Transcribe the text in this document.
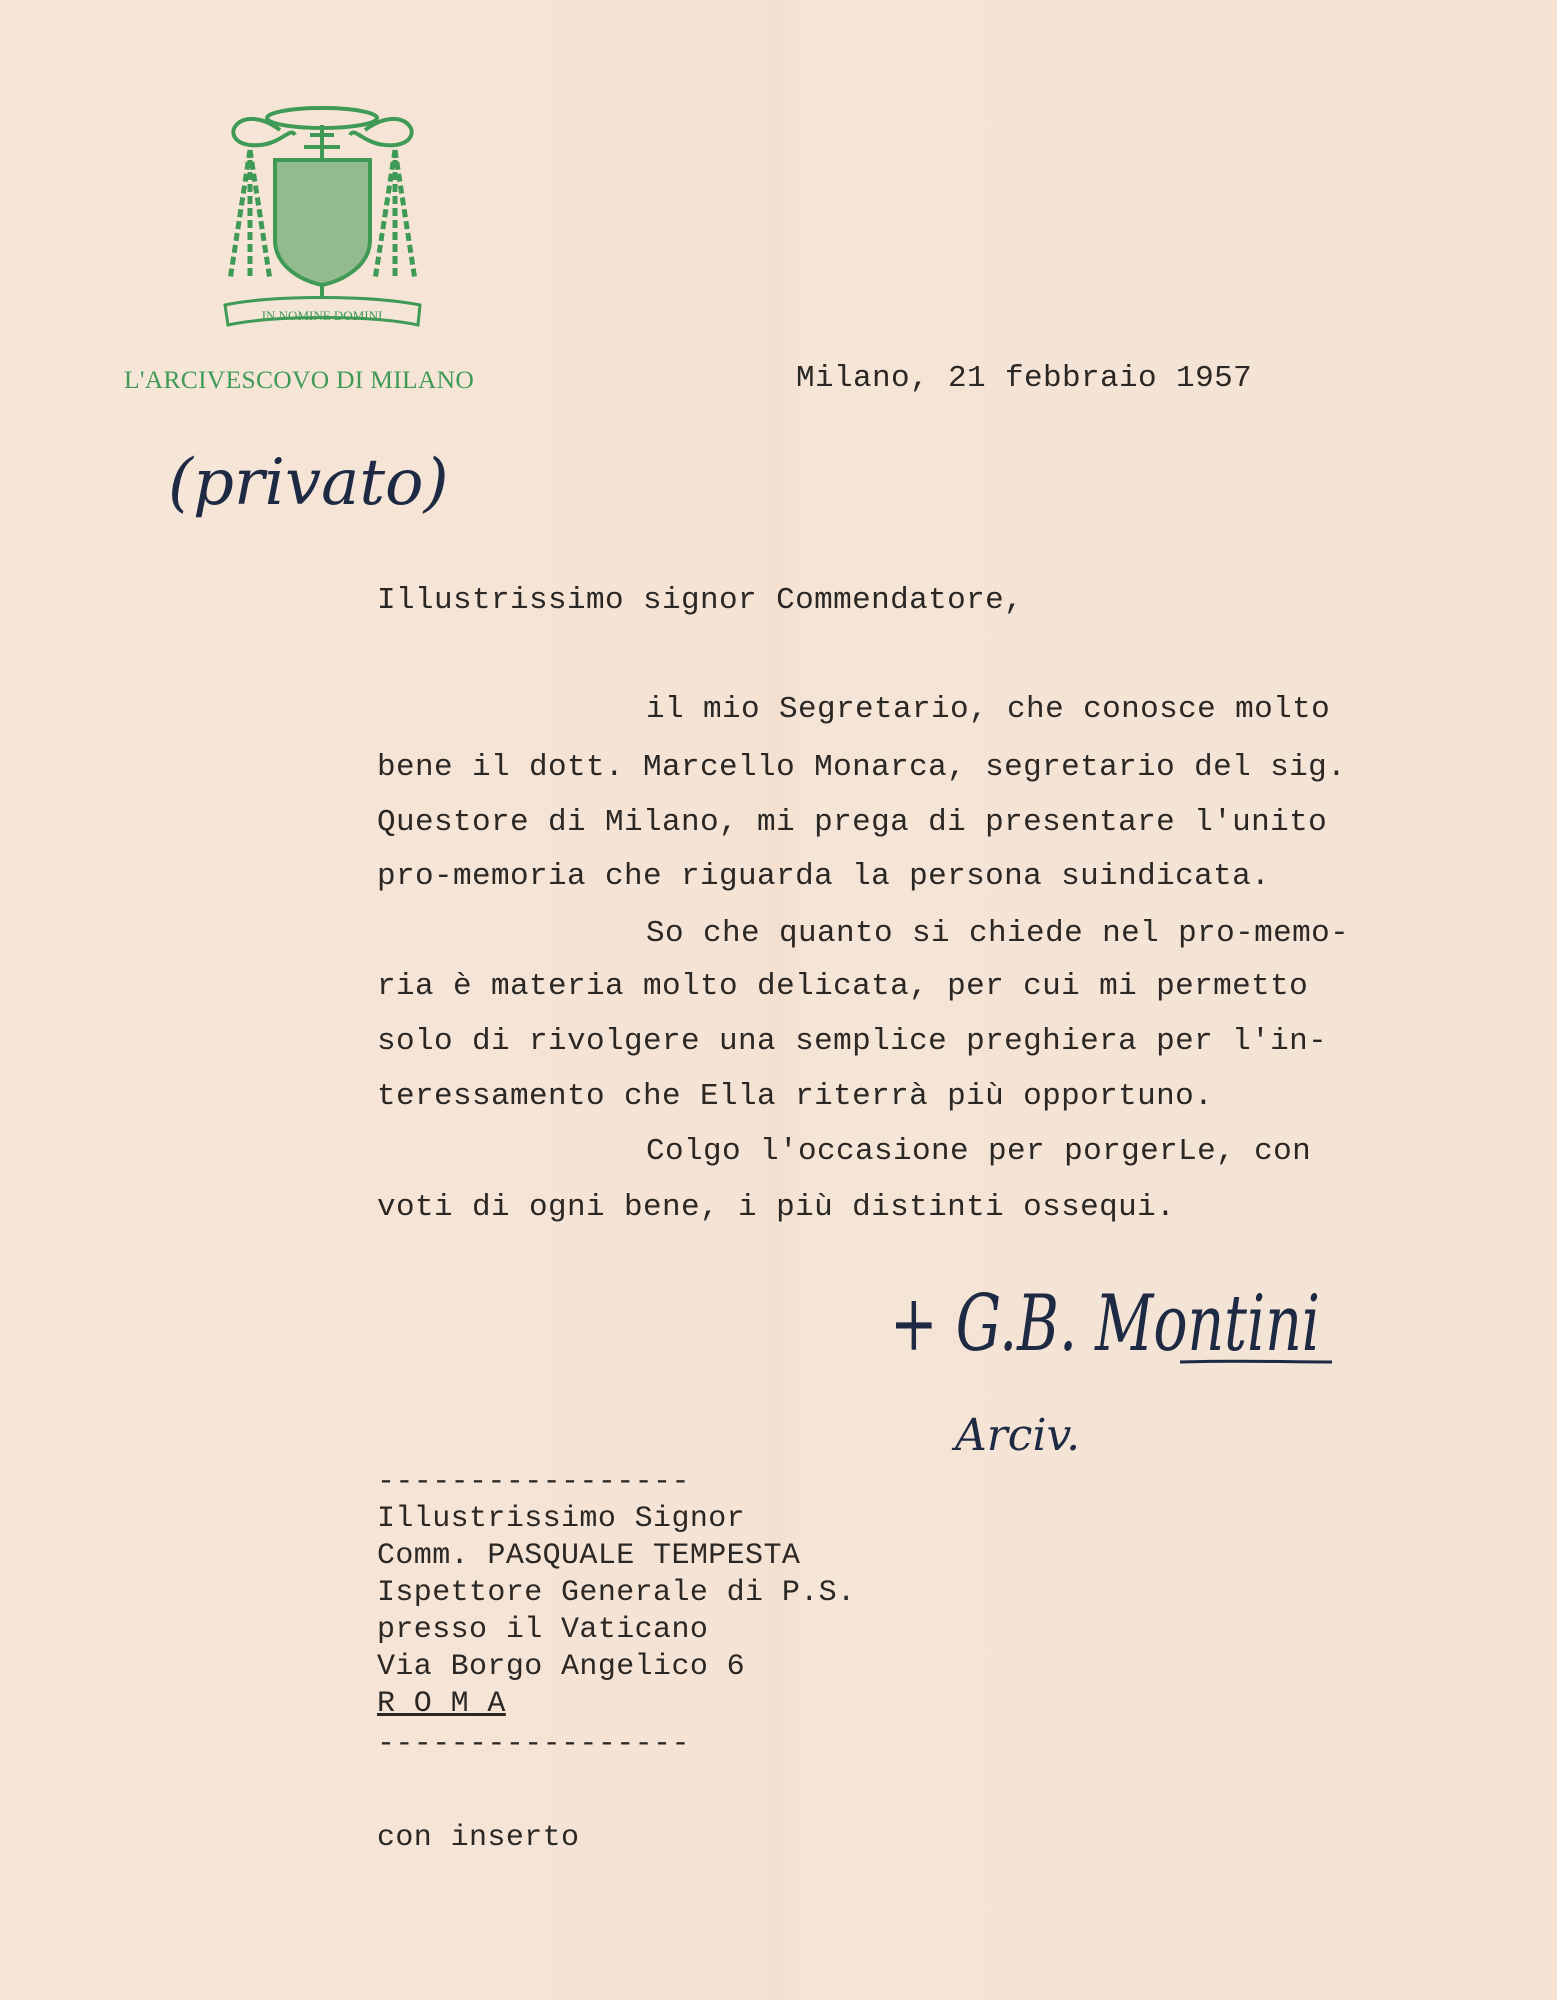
IN NOMINE DOMINI
L'ARCIVESCOVO DI MILANO	Milano, 21 febbraio 1957
(privato)
Illustrissimo signor Commendatore,
il mio Segretario, che conosce molto
bene il dott. Marcello Monarca, segretario del sig.
Questore di Milano, mi prega di presentare l'unito
pro-memoria che riguarda la persona suindicata.
So che quanto si chiede nel pro-memo-
ria è materia molto delicata, per cui mi permetto
solo di rivolgere una semplice preghiera per l'in-
teressamento che Ella riterrà più opportuno.
Colgo l'occasione per porgerLe, con
voti di ogni bene, i più distinti ossequi.
+ G.B. Montini
Arciv.
-----------------
Illustrissimo Signor
Comm. PASQUALE TEMPESTA
Ispettore Generale di P.S.
presso il Vaticano
Via Borgo Angelico 6
R O M A
-----------------
con inserto
